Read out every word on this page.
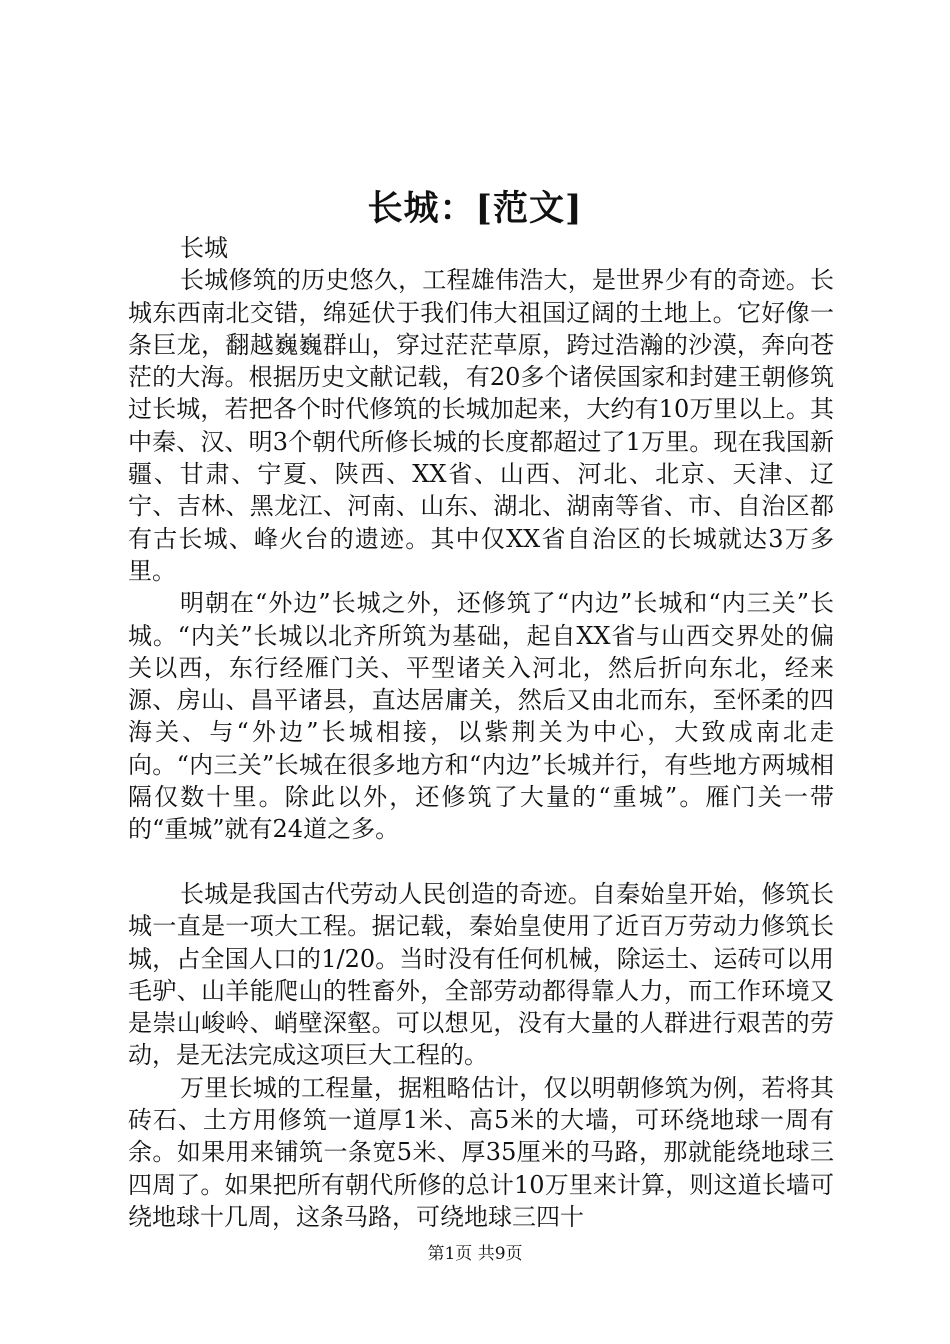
长城：[范文]

长城

长城修筑的历史悠久，工程雄伟浩大，是世界少有的奇迹。长城东西南北交错，绵延伏于我们伟大祖国辽阔的土地上。它好像一条巨龙，翻越巍巍群山，穿过茫茫草原，跨过浩瀚的沙漠，奔向苍茫的大海。根据历史文献记载，有20多个诸侯国家和封建王朝修筑过长城，若把各个时代修筑的长城加起来，大约有10万里以上。其中秦、汉、明3个朝代所修长城的长度都超过了1万里。现在我国新疆、甘肃、宁夏、陕西、XX省、山西、河北、北京、天津、辽宁、吉林、黑龙江、河南、山东、湖北、湖南等省、市、自治区都有古长城、峰火台的遗迹。其中仅XX省自治区的长城就达3万多里。

明朝在“外边”长城之外，还修筑了“内边”长城和“内三关”长城。“内关”长城以北齐所筑为基础，起自XX省与山西交界处的偏关以西，东行经雁门关、平型诸关入河北，然后折向东北，经来源、房山、昌平诸县，直达居庸关，然后又由北而东，至怀柔的四海关、与“外边”长城相接，以紫荆关为中心，大致成南北走向。“内三关”长城在很多地方和“内边”长城并行，有些地方两城相隔仅数十里。除此以外，还修筑了大量的“重城”。雁门关一带的“重城”就有24道之多。

长城是我国古代劳动人民创造的奇迹。自秦始皇开始，修筑长城一直是一项大工程。据记载，秦始皇使用了近百万劳动力修筑长城，占全国人口的1/20。当时没有任何机械，除运土、运砖可以用毛驴、山羊能爬山的牲畜外，全部劳动都得靠人力，而工作环境又是崇山峻岭、峭壁深壑。可以想见，没有大量的人群进行艰苦的劳动，是无法完成这项巨大工程的。

万里长城的工程量，据粗略估计，仅以明朝修筑为例，若将其砖石、土方用修筑一道厚1米、高5米的大墙，可环绕地球一周有余。如果用来铺筑一条宽5米、厚35厘米的马路，那就能绕地球三四周了。如果把所有朝代所修的总计10万里来计算，则这道长墙可绕地球十几周，这条马路，可绕地球三四十

第1页 共9页
